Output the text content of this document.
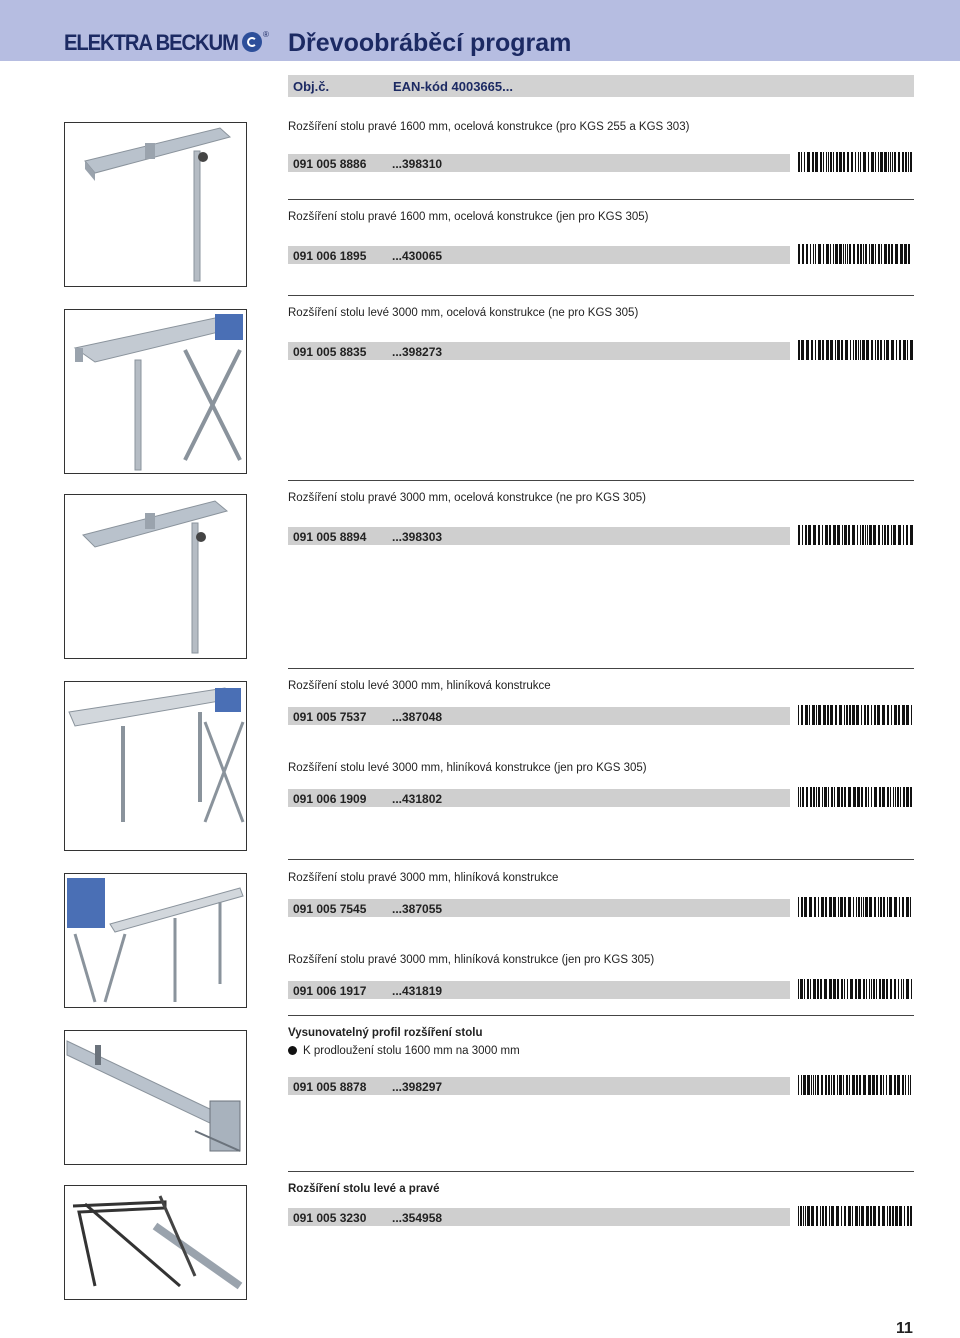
ELEKTRA BECKUM	® Dřevoobráběcí program
Obj.č.	EAN-kód 4003665...
Rozšíření stolu pravé 1600 mm, ocelová konstrukce (pro KGS 255 a KGS 303)
091 005 8886 ...398310
Rozšíření stolu pravé 1600 mm, ocelová konstrukce (jen pro KGS 305)
091 006 1895 ...430065
Rozšíření stolu levé 3000 mm, ocelová konstrukce (ne pro KGS 305)
091 005 8835 ...398273
Rozšíření stolu pravé 3000 mm, ocelová konstrukce (ne pro KGS 305)
091 005 8894 ...398303
Rozšíření stolu levé 3000 mm, hliníková konstrukce
091 005 7537 ...387048
Rozšíření stolu levé 3000 mm, hliníková konstrukce (jen pro KGS 305)
091 006 1909 ...431802
Rozšíření stolu pravé 3000 mm, hliníková konstrukce
091 005 7545 ...387055
Rozšíření stolu pravé 3000 mm, hliníková konstrukce (jen pro KGS 305)
091 006 1917 ...431819
Vysunovatelný profil rozšíření stolu
K prodloužení stolu 1600 mm na 3000 mm
091 005 8878 ...398297
Rozšíření stolu levé a pravé
091 005 3230 ...354958
11
